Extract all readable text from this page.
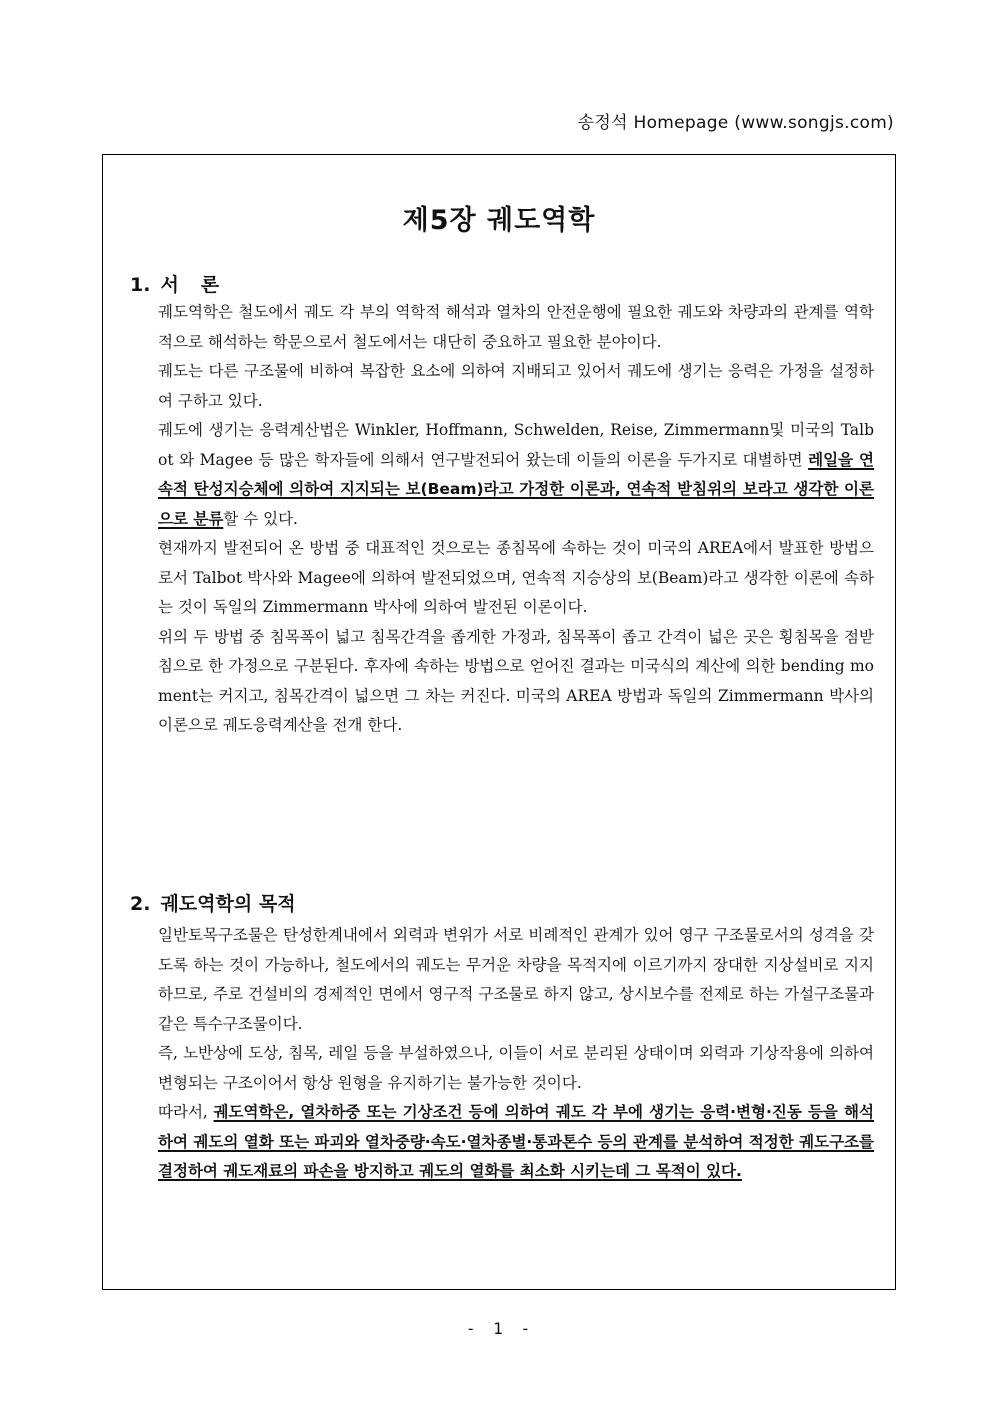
송정석 Homepage (www.songjs.com)
제5장 궤도역학
1. 서론

궤도역학은 철도에서 궤도 각 부의 역학적 해석과 열차의 안전운행에 필요한 궤도와 차량과의 관계를 역학적으로 해석하는 학문으로서 철도에서는 대단히 중요하고 필요한 분야이다.

궤도는 다른 구조물에 비하여 복잡한 요소에 의하여 지배되고 있어서 궤도에 생기는 응력은 가정을 설정하여 구하고 있다.

궤도에 생기는 응력계산법은 Winkler, Hoffmann, Schwelden, Reise, Zimmermann및 미국의 Talbot 와 Magee 등 많은 학자들에 의해서 연구발전되어 왔는데 이들의 이론을 두가지로 대별하면 레일을 연속적 탄성지승체에 의하여 지지되는 보(Beam)라고 가정한 이론과, 연속적 받침위의 보라고 생각한 이론으로 분류할 수 있다.

현재까지 발전되어 온 방법 중 대표적인 것으로는 종침목에 속하는 것이 미국의 AREA에서 발표한 방법으로서 Talbot 박사와 Magee에 의하여 발전되었으며, 연속적 지승상의 보(Beam)라고 생각한 이론에 속하는 것이 독일의 Zimmermann 박사에 의하여 발전된 이론이다.

위의 두 방법 중 침목폭이 넓고 침목간격을 좁게한 가정과, 침목폭이 좁고 간격이 넓은 곳은 횡침목을 점받침으로 한 가정으로 구분된다. 후자에 속하는 방법으로 얻어진 결과는 미국식의 계산에 의한 bending moment는 커지고, 침목간격이 넓으면 그 차는 커진다. 미국의 AREA 방법과 독일의 Zimmermann 박사의 이론으로 궤도응력계산을 전개 한다.

2. 궤도역학의 목적

일반토목구조물은 탄성한계내에서 외력과 변위가 서로 비례적인 관계가 있어 영구 구조물로서의 성격을 갖도록 하는 것이 가능하나, 철도에서의 궤도는 무거운 차량을 목적지에 이르기까지 장대한 지상설비로 지지하므로, 주로 건설비의 경제적인 면에서 영구적 구조물로 하지 않고, 상시보수를 전제로 하는 가설구조물과 같은 특수구조물이다.

즉, 노반상에 도상, 침목, 레일 등을 부설하였으나, 이들이 서로 분리된 상태이며 외력과 기상작용에 의하여 변형되는 구조이어서 항상 원형을 유지하기는 불가능한 것이다.

따라서, 궤도역학은, 열차하중 또는 기상조건 등에 의하여 궤도 각 부에 생기는 응력·변형·진동 등을 해석하여 궤도의 열화 또는 파괴와 열차중량·속도·열차종별·통과톤수 등의 관계를 분석하여 적정한 궤도구조를 결정하여 궤도재료의 파손을 방지하고 궤도의 열화를 최소화 시키는데 그 목적이 있다.

- 1 -
